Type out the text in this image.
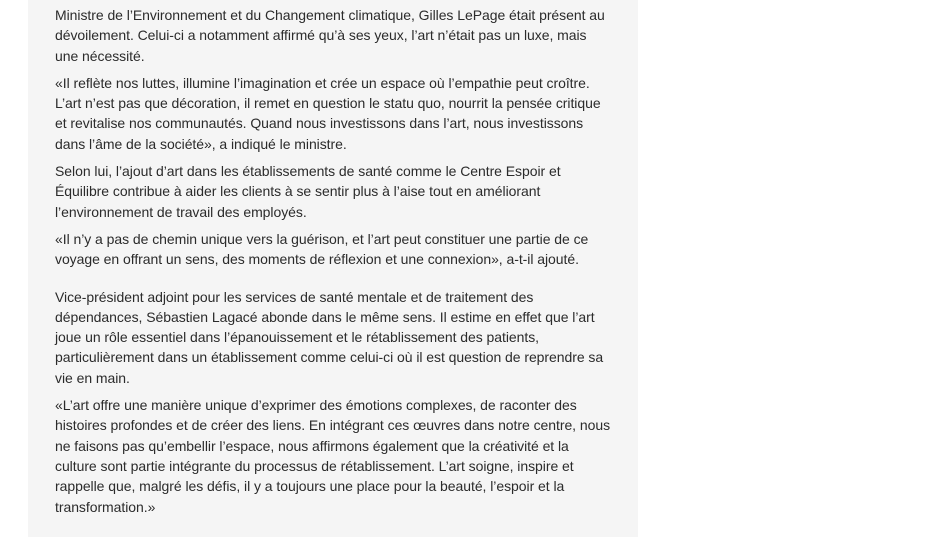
Ministre de l’Environnement et du Changement climatique, Gilles LePage était présent au dévoilement. Celui-ci a notamment affirmé qu’à ses yeux, l’art n’était pas un luxe, mais une nécessité.

«Il reflète nos luttes, illumine l’imagination et crée un espace où l’empathie peut croître. L’art n’est pas que décoration, il remet en question le statu quo, nourrit la pensée critique et revitalise nos communautés. Quand nous investissons dans l’art, nous investissons dans l’âme de la société», a indiqué le ministre.

Selon lui, l’ajout d’art dans les établissements de santé comme le Centre Espoir et Équilibre contribue à aider les clients à se sentir plus à l’aise tout en améliorant l’environnement de travail des employés.

«Il n’y a pas de chemin unique vers la guérison, et l’art peut constituer une partie de ce voyage en offrant un sens, des moments de réflexion et une connexion», a-t-il ajouté.

Vice-président adjoint pour les services de santé mentale et de traitement des dépendances, Sébastien Lagacé abonde dans le même sens. Il estime en effet que l’art joue un rôle essentiel dans l’épanouissement et le rétablissement des patients, particulièrement dans un établissement comme celui-ci où il est question de reprendre sa vie en main.

«L’art offre une manière unique d’exprimer des émotions complexes, de raconter des histoires profondes et de créer des liens. En intégrant ces œuvres dans notre centre, nous ne faisons pas qu’embellir l’espace, nous affirmons également que la créativité et la culture sont partie intégrante du processus de rétablissement. L’art soigne, inspire et rappelle que, malgré les défis, il y a toujours une place pour la beauté, l’espoir et la transformation.»
